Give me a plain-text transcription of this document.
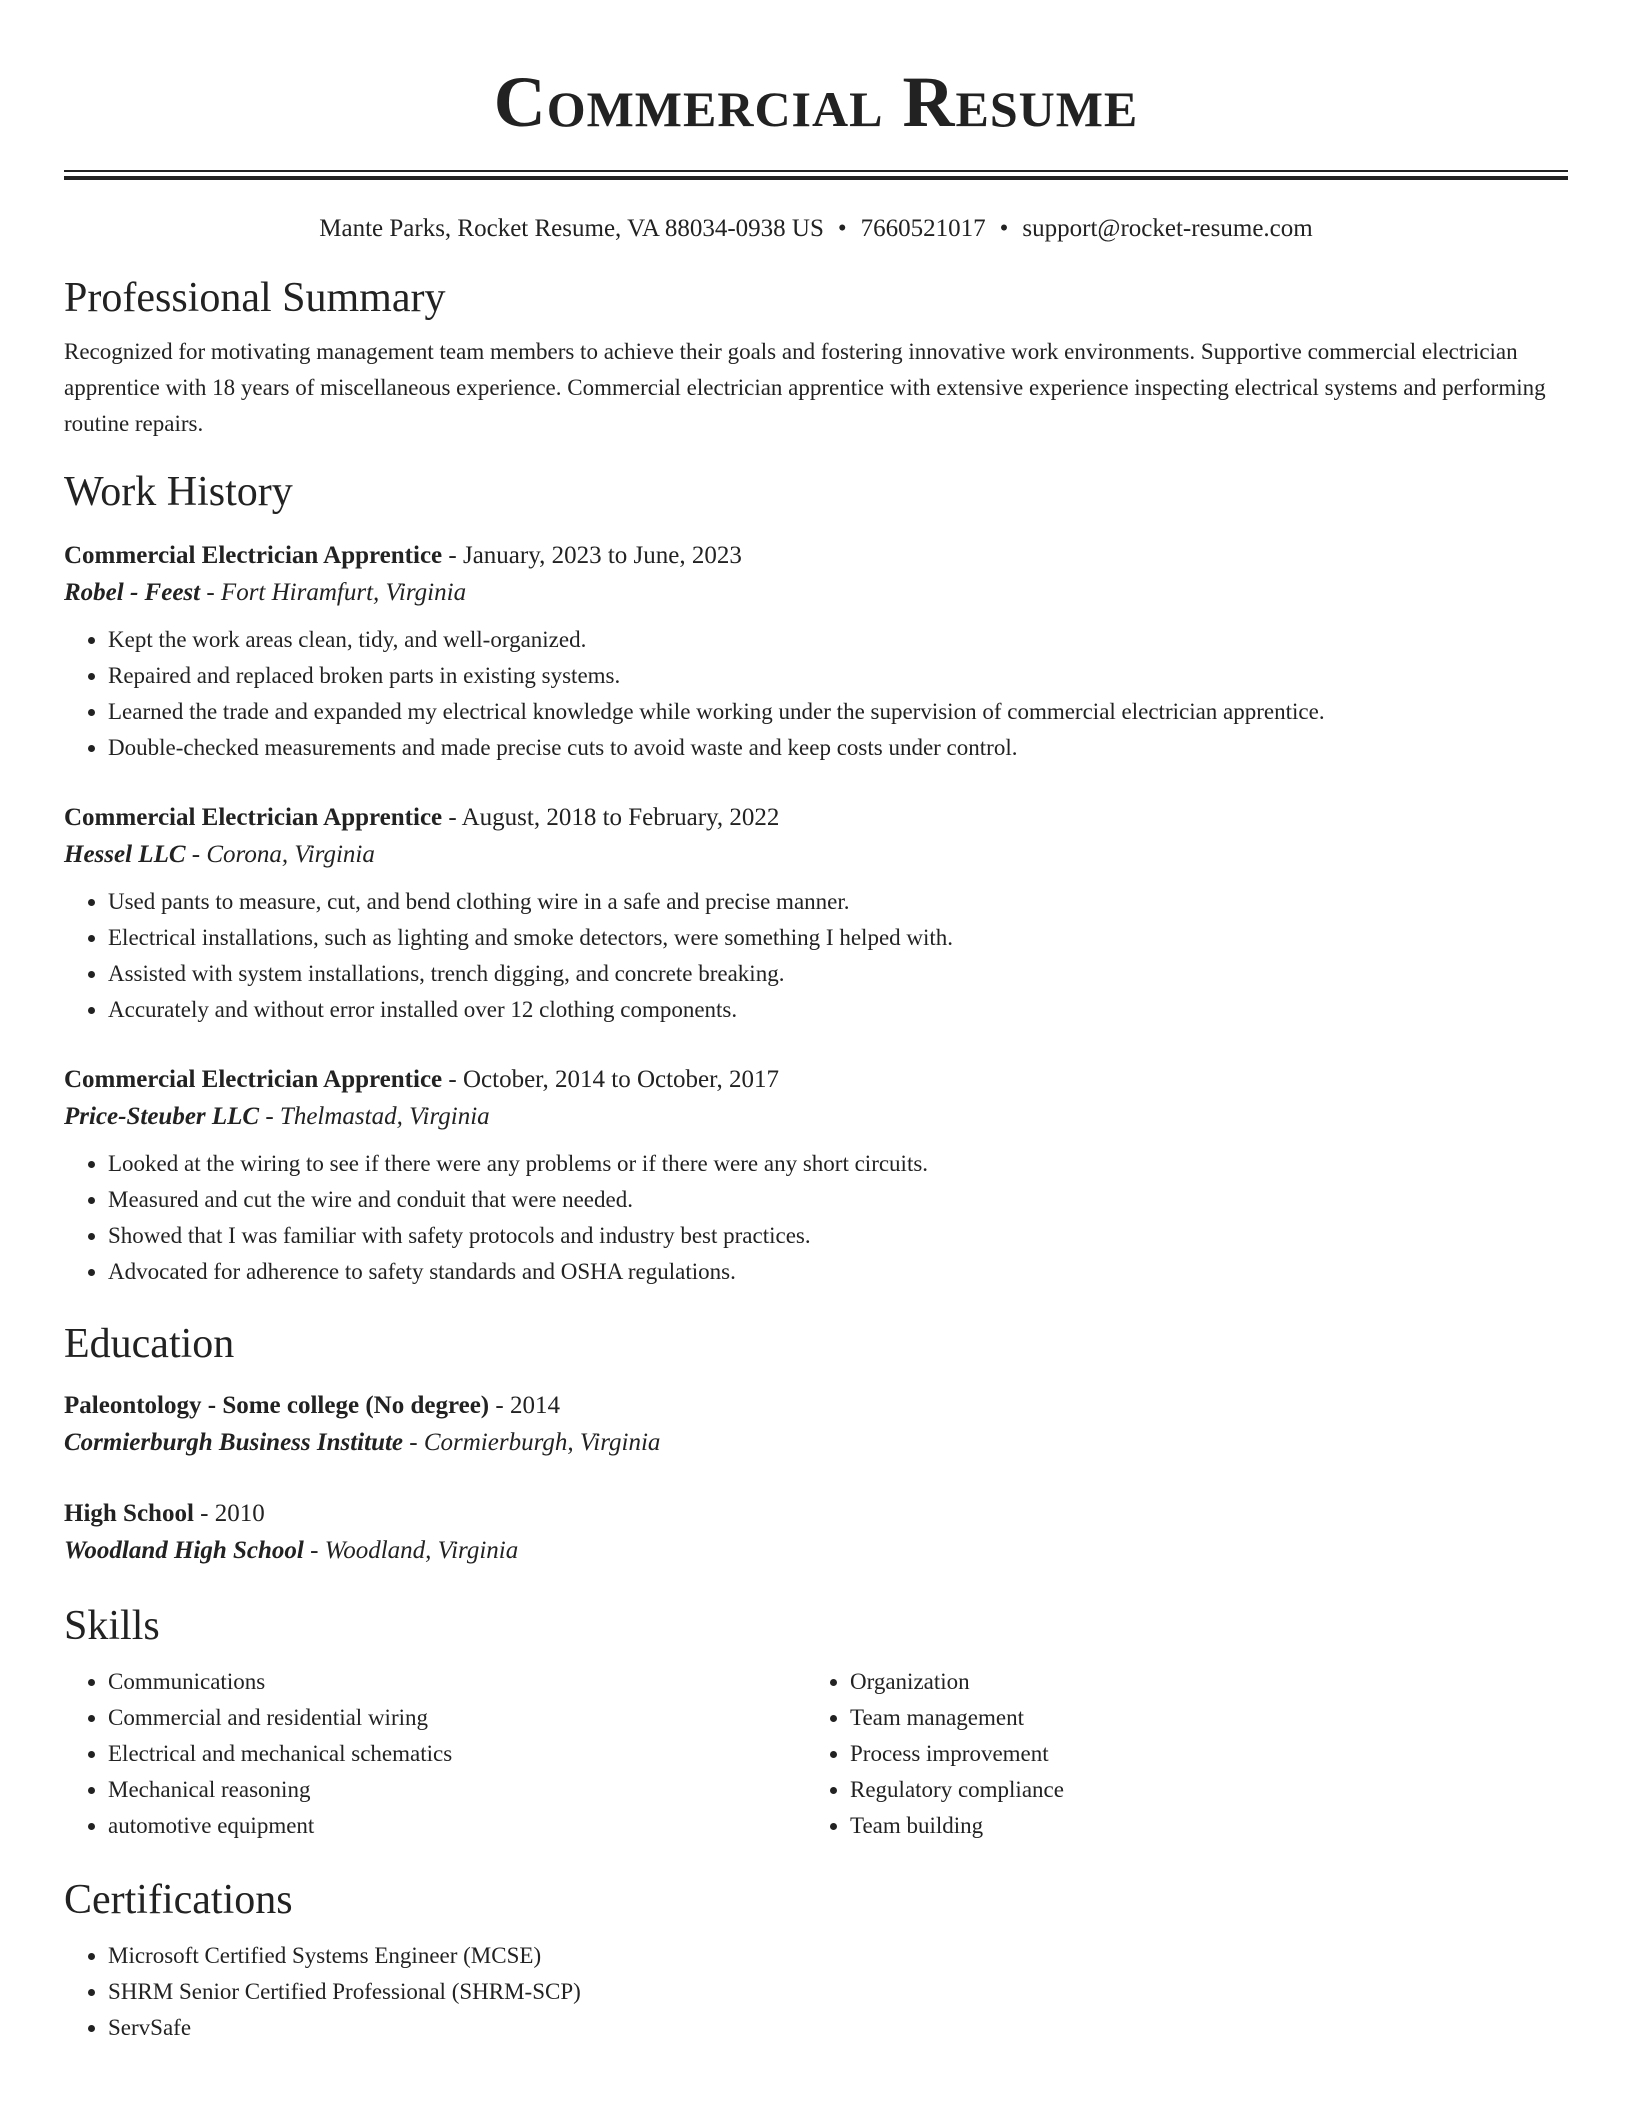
Commercial Resume
Mante Parks, Rocket Resume, VA 88034-0938 US • 7660521017 • support@rocket-resume.com
Professional Summary
Recognized for motivating management team members to achieve their goals and fostering innovative work environments. Supportive commercial electrician apprentice with 18 years of miscellaneous experience. Commercial electrician apprentice with extensive experience inspecting electrical systems and performing routine repairs.
Work History
Commercial Electrician Apprentice - January, 2023 to June, 2023
Robel - Feest - Fort Hiramfurt, Virginia
• Kept the work areas clean, tidy, and well-organized.
• Repaired and replaced broken parts in existing systems.
• Learned the trade and expanded my electrical knowledge while working under the supervision of commercial electrician apprentice.
• Double-checked measurements and made precise cuts to avoid waste and keep costs under control.
Commercial Electrician Apprentice - August, 2018 to February, 2022
Hessel LLC - Corona, Virginia
• Used pants to measure, cut, and bend clothing wire in a safe and precise manner.
• Electrical installations, such as lighting and smoke detectors, were something I helped with.
• Assisted with system installations, trench digging, and concrete breaking.
• Accurately and without error installed over 12 clothing components.
Commercial Electrician Apprentice - October, 2014 to October, 2017
Price-Steuber LLC - Thelmastad, Virginia
• Looked at the wiring to see if there were any problems or if there were any short circuits.
• Measured and cut the wire and conduit that were needed.
• Showed that I was familiar with safety protocols and industry best practices.
• Advocated for adherence to safety standards and OSHA regulations.
Education
Paleontology - Some college (No degree) - 2014
Cormierburgh Business Institute - Cormierburgh, Virginia
High School - 2010
Woodland High School - Woodland, Virginia
Skills
• Communications
• Commercial and residential wiring
• Electrical and mechanical schematics
• Mechanical reasoning
• automotive equipment
• Organization
• Team management
• Process improvement
• Regulatory compliance
• Team building
Certifications
• Microsoft Certified Systems Engineer (MCSE)
• SHRM Senior Certified Professional (SHRM-SCP)
• ServSafe
